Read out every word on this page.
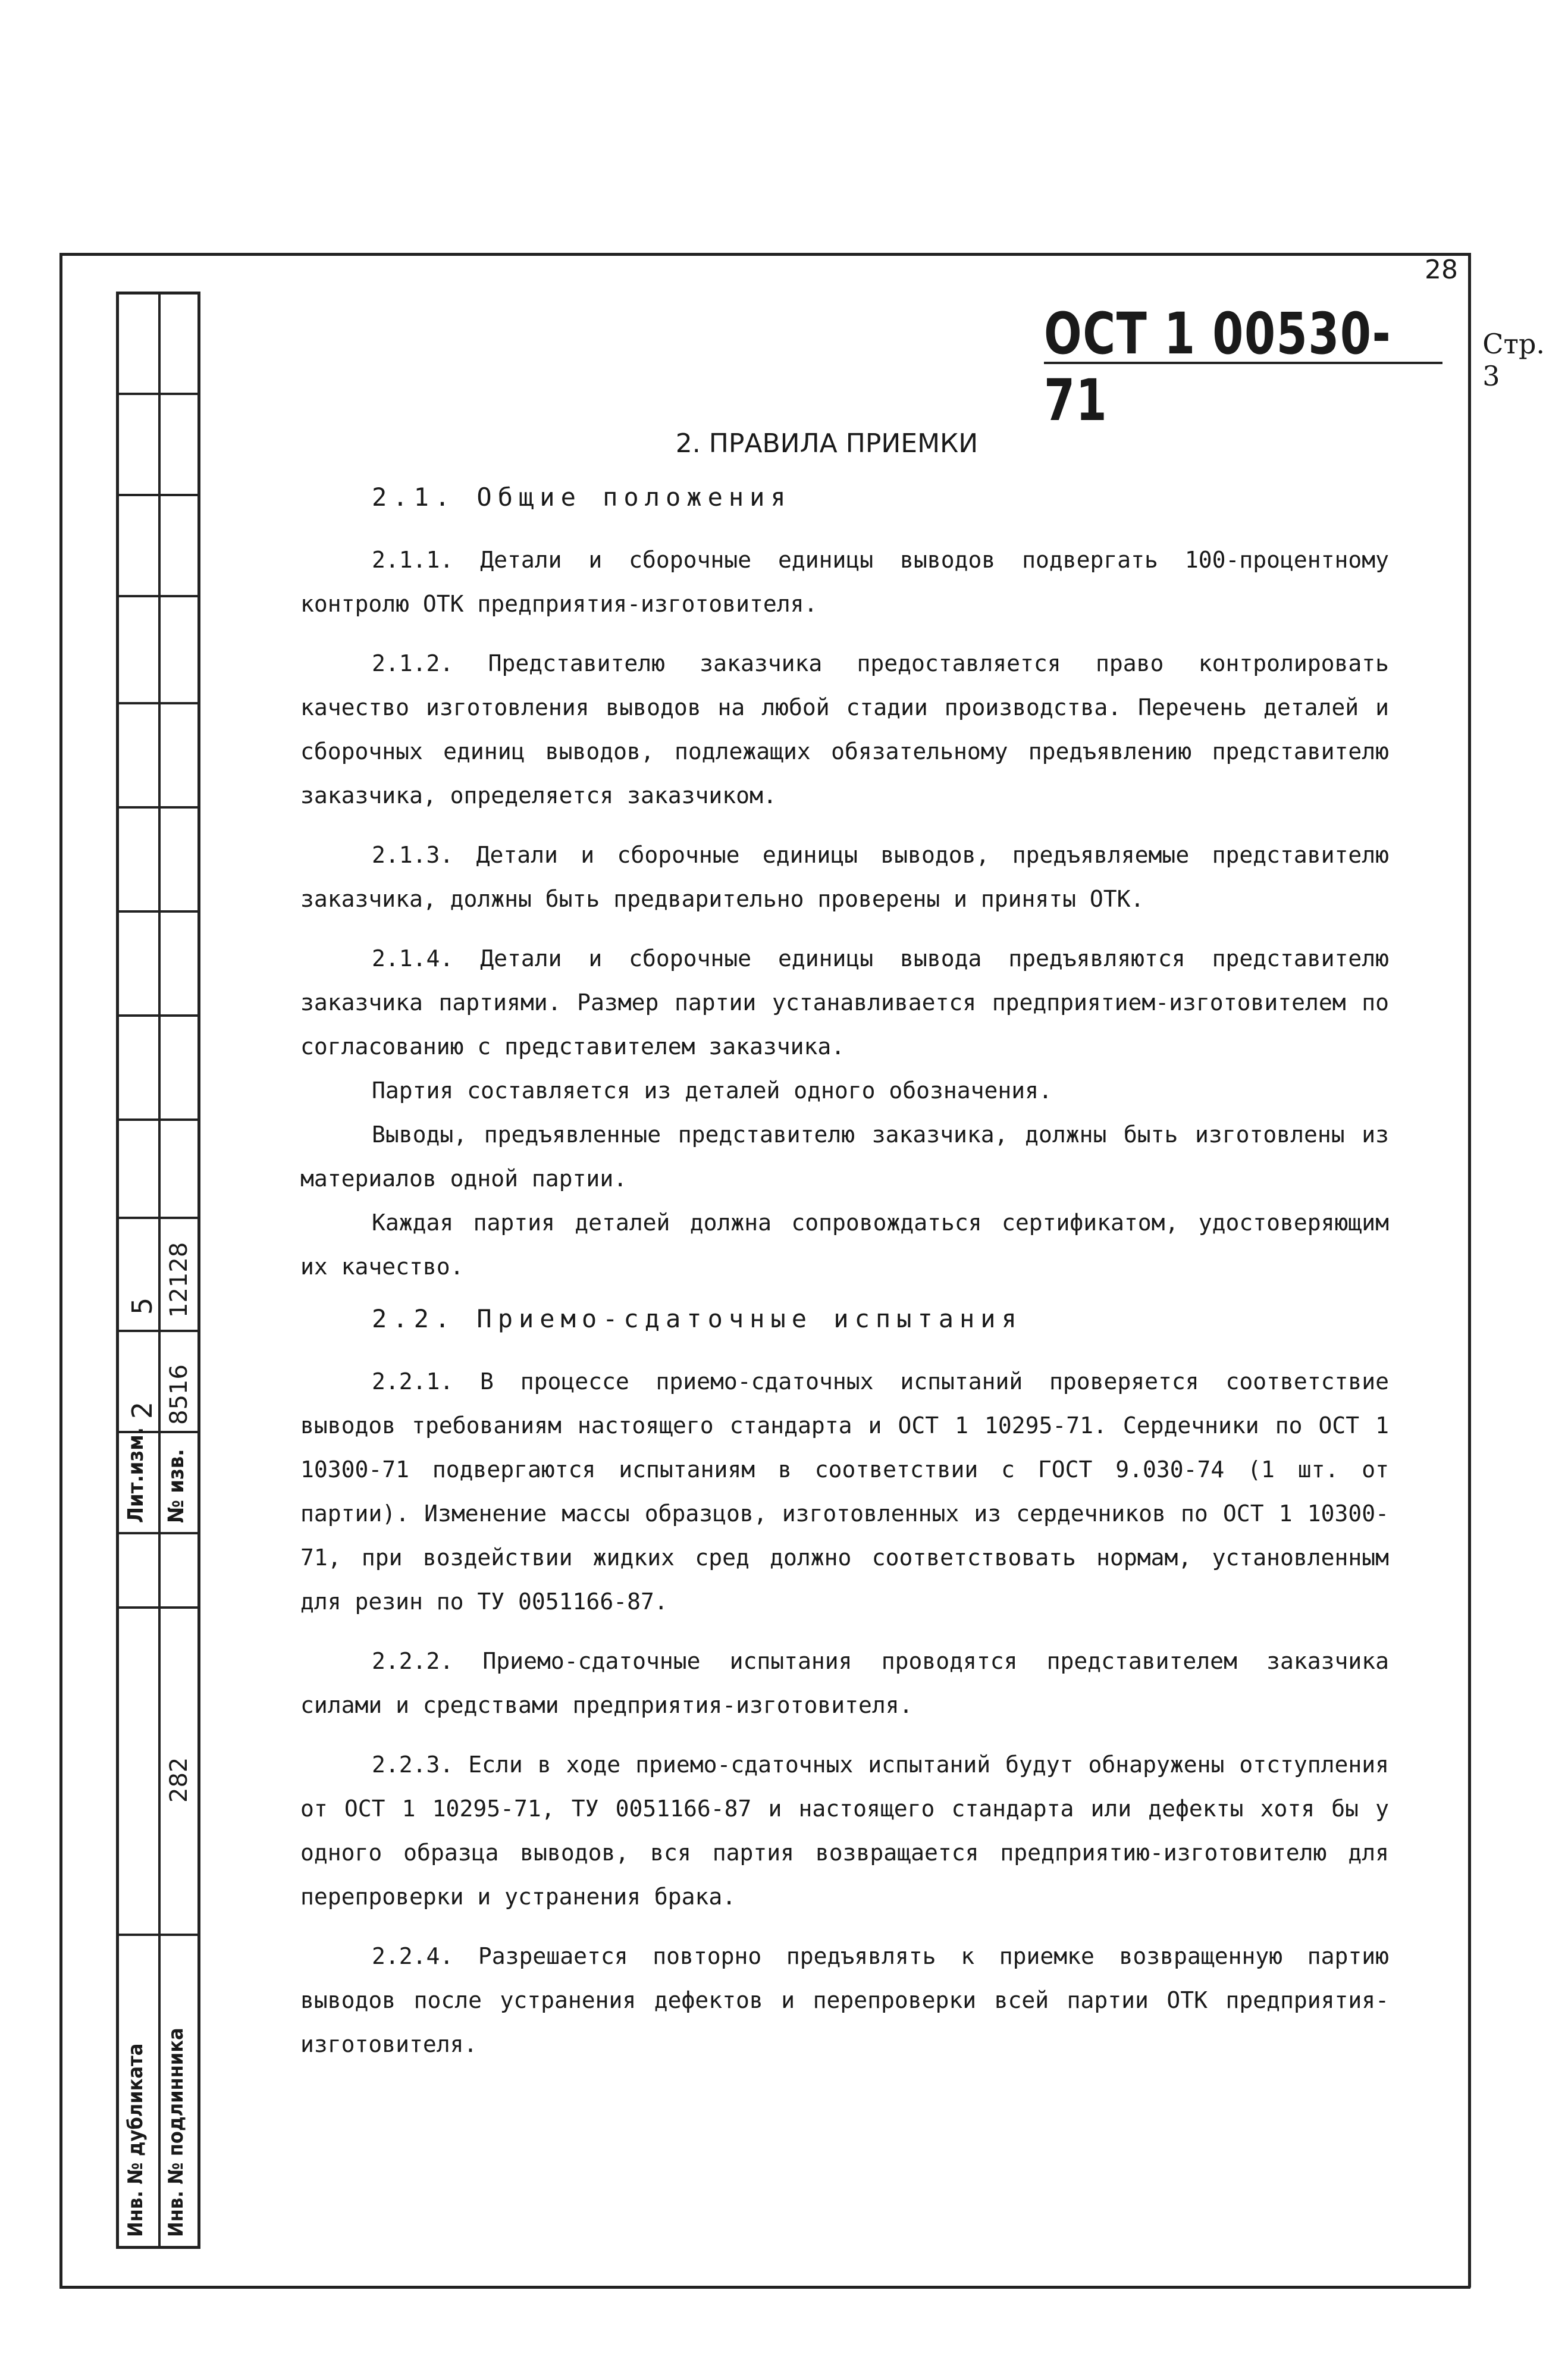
28
5 12128
2 8516
Лит.изм. № изв.
282
Инв. № дубликата Инв. № подлинника
ОСТ 1 00530-71
Стр. 3
2. ПРАВИЛА ПРИЕМКИ
2.1. Общие положения

2.1.1. Детали и сборочные единицы выводов подвергать 100-процентному контролю ОТК предприятия-изготовителя.

2.1.2. Представителю заказчика предоставляется право контролировать качество изготовления выводов на любой стадии производства. Перечень деталей и сборочных единиц выводов, подлежащих обязательному предъявлению представителю заказчика, определяется заказчиком.

2.1.3. Детали и сборочные единицы выводов, предъявляемые представителю заказчика, должны быть предварительно проверены и приняты ОТК.

2.1.4. Детали и сборочные единицы вывода предъявляются представителю заказчика партиями. Размер партии устанавливается предприятием-изготовителем по согласованию с представителем заказчика.

Партия составляется из деталей одного обозначения.

Выводы, предъявленные представителю заказчика, должны быть изготовлены из материалов одной партии.

Каждая партия деталей должна сопровождаться сертификатом, удостоверяющим их качество.

2.2. Приемо-сдаточные испытания

2.2.1. В процессе приемо-сдаточных испытаний проверяется соответствие выводов требованиям настоящего стандарта и ОСТ 1 10295-71. Сердечники по ОСТ 1 10300-71 подвергаются испытаниям в соответствии с ГОСТ 9.030-74 (1 шт. от партии). Изменение массы образцов, изготовленных из сердечников по ОСТ 1 10300-71, при воздействии жидких сред должно соответствовать нормам, установленным для резин по ТУ 0051166-87.

2.2.2. Приемо-сдаточные испытания проводятся представителем заказчика силами и средствами предприятия-изготовителя.

2.2.3. Если в ходе приемо-сдаточных испытаний будут обнаружены отступления от ОСТ 1 10295-71, ТУ 0051166-87 и настоящего стандарта или дефекты хотя бы у одного образца выводов, вся партия возвращается предприятию-изготовителю для перепроверки и устранения брака.

2.2.4. Разрешается повторно предъявлять к приемке возвращенную партию выводов после устранения дефектов и перепроверки всей партии ОТК предприятия-изготовителя.
